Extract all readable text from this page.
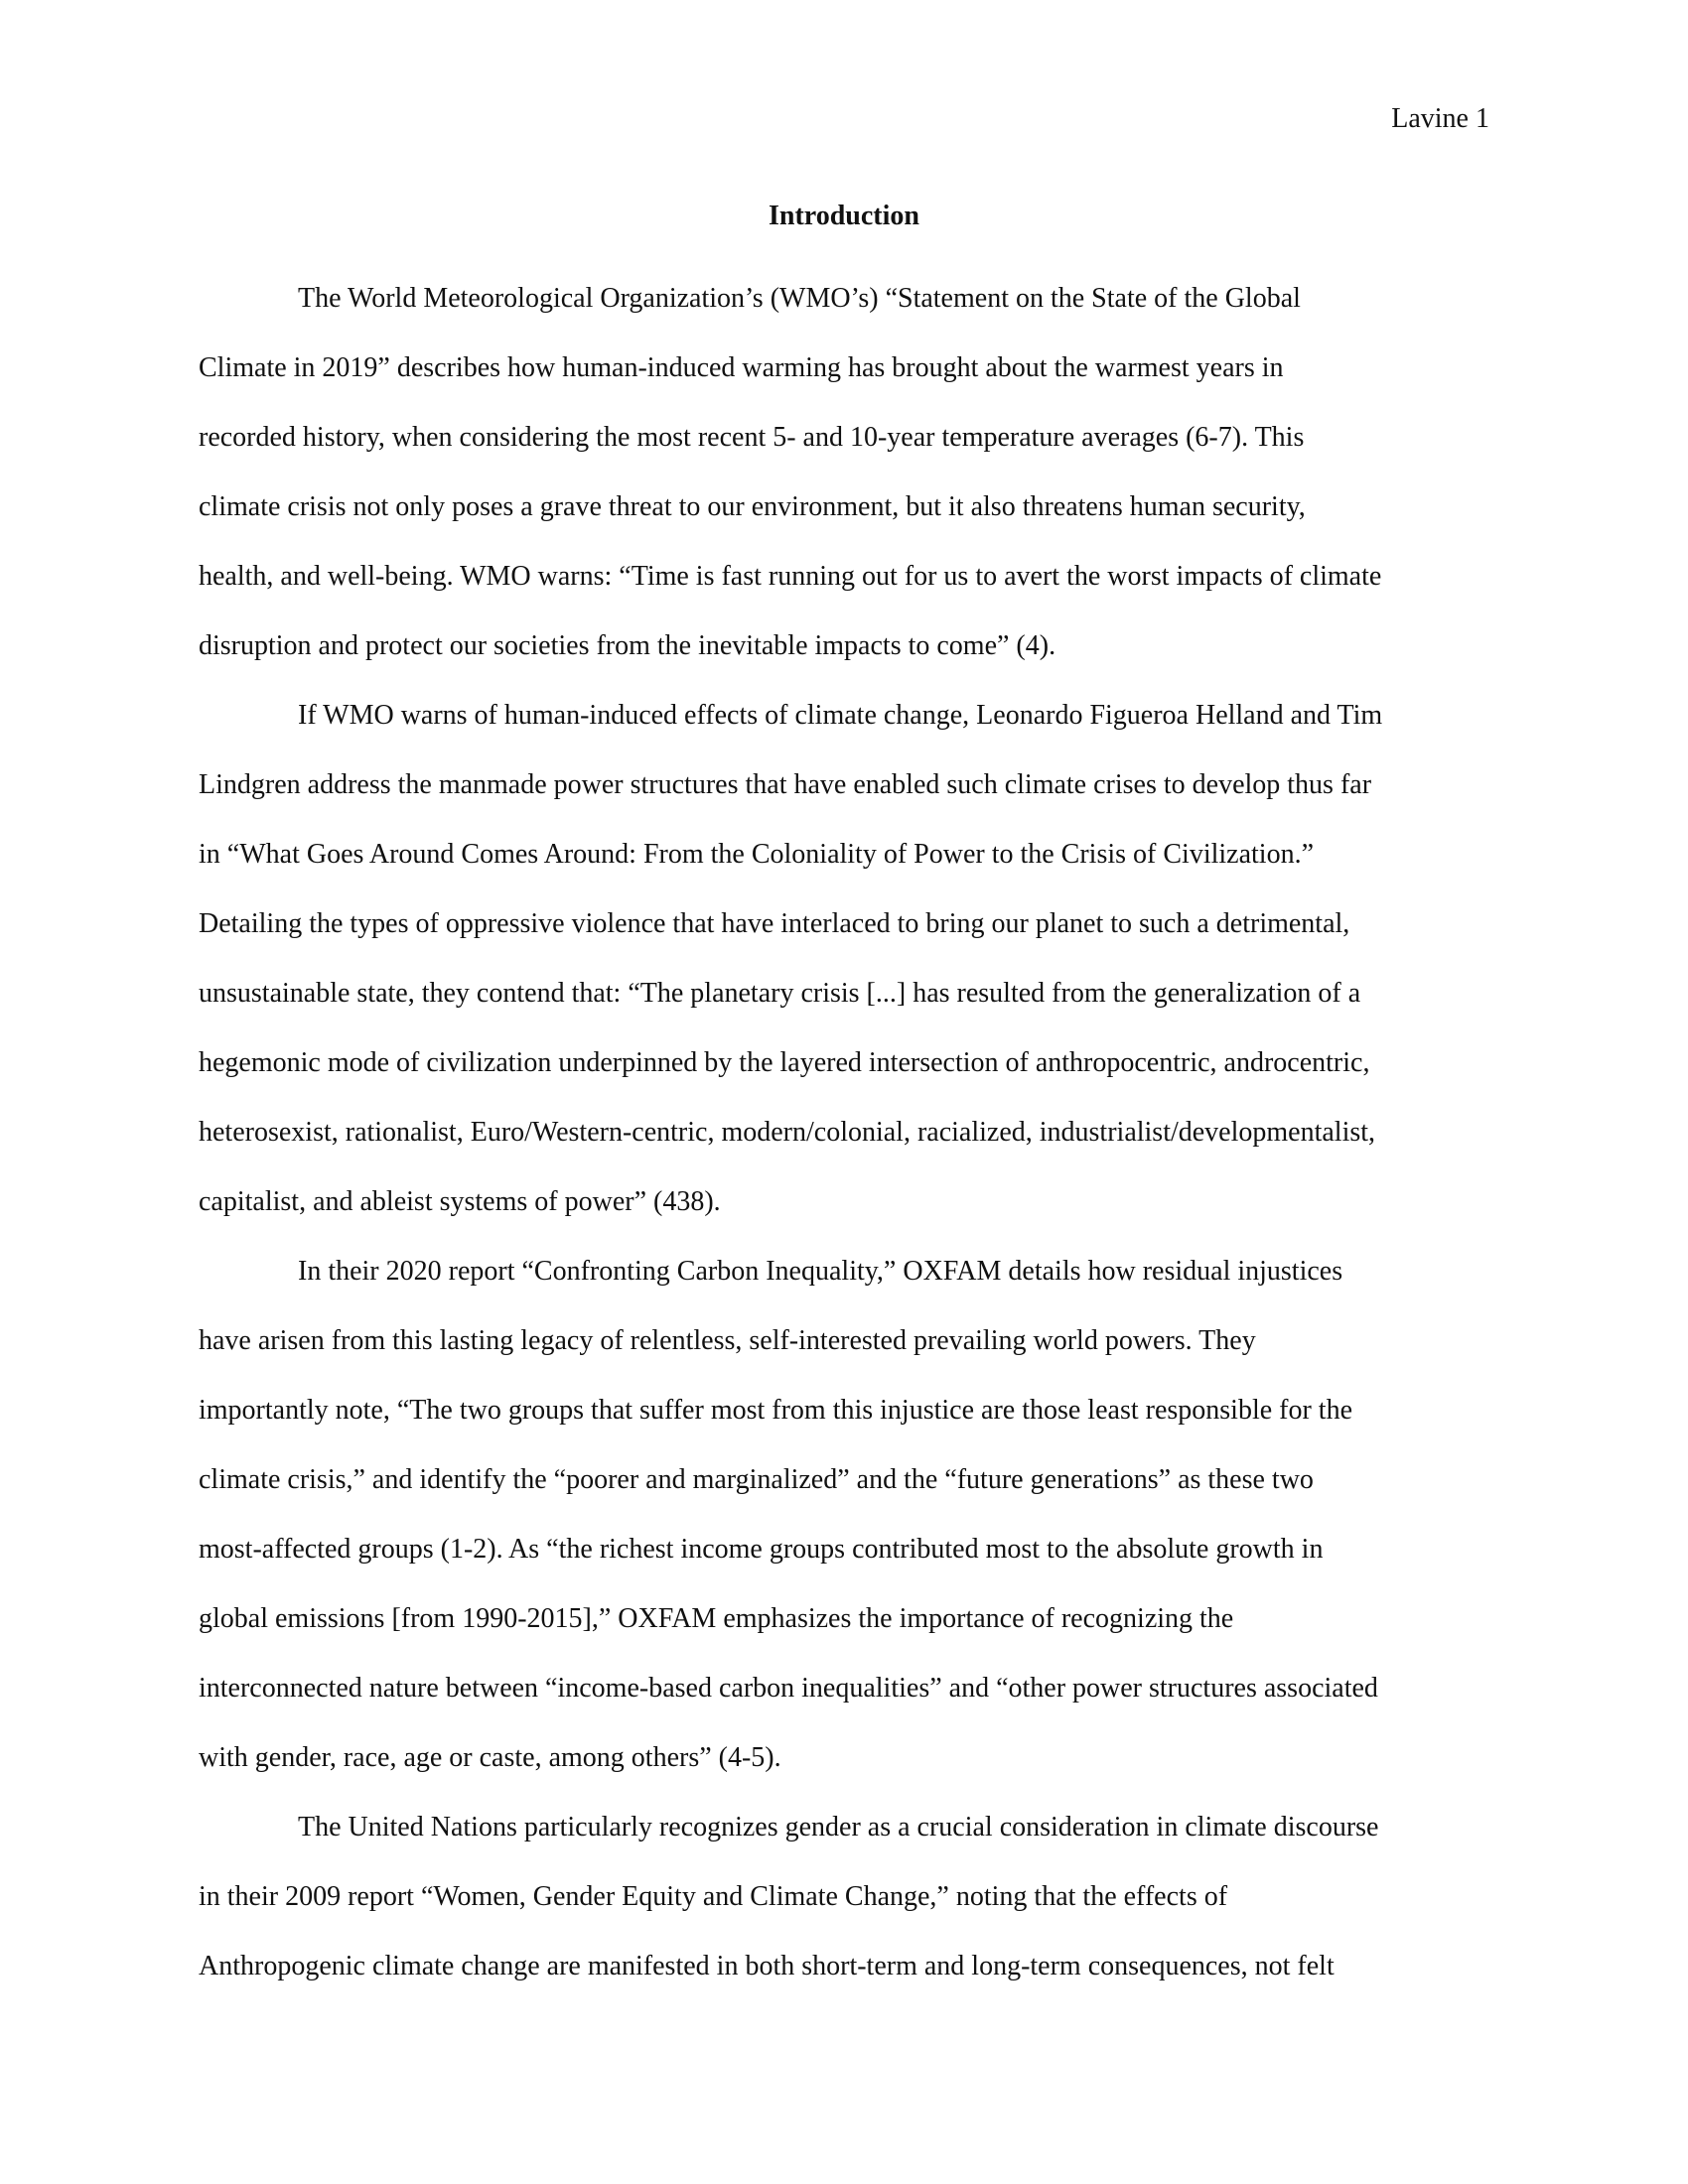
Lavine 1
Introduction
The World Meteorological Organization’s (WMO’s) “Statement on the State of the Global
Climate in 2019” describes how human-induced warming has brought about the warmest years in
recorded history, when considering the most recent 5- and 10-year temperature averages (6-7). This
climate crisis not only poses a grave threat to our environment, but it also threatens human security,
health, and well-being. WMO warns: “Time is fast running out for us to avert the worst impacts of climate
disruption and protect our societies from the inevitable impacts to come” (4).
If WMO warns of human-induced effects of climate change, Leonardo Figueroa Helland and Tim
Lindgren address the manmade power structures that have enabled such climate crises to develop thus far
in “What Goes Around Comes Around: From the Coloniality of Power to the Crisis of Civilization.”
Detailing the types of oppressive violence that have interlaced to bring our planet to such a detrimental,
unsustainable state, they contend that: “The planetary crisis [...] has resulted from the generalization of a
hegemonic mode of civilization underpinned by the layered intersection of anthropocentric, androcentric,
heterosexist, rationalist, Euro/Western-centric, modern/colonial, racialized, industrialist/developmentalist,
capitalist, and ableist systems of power” (438).
In their 2020 report “Confronting Carbon Inequality,” OXFAM details how residual injustices
have arisen from this lasting legacy of relentless, self-interested prevailing world powers. They
importantly note, “The two groups that suffer most from this injustice are those least responsible for the
climate crisis,” and identify the “poorer and marginalized” and the “future generations” as these two
most-affected groups (1-2). As “the richest income groups contributed most to the absolute growth in
global emissions [from 1990-2015],” OXFAM emphasizes the importance of recognizing the
interconnected nature between “income-based carbon inequalities” and “other power structures associated
with gender, race, age or caste, among others” (4-5).
The United Nations particularly recognizes gender as a crucial consideration in climate discourse
in their 2009 report “Women, Gender Equity and Climate Change,” noting that the effects of
Anthropogenic climate change are manifested in both short-term and long-term consequences, not felt
